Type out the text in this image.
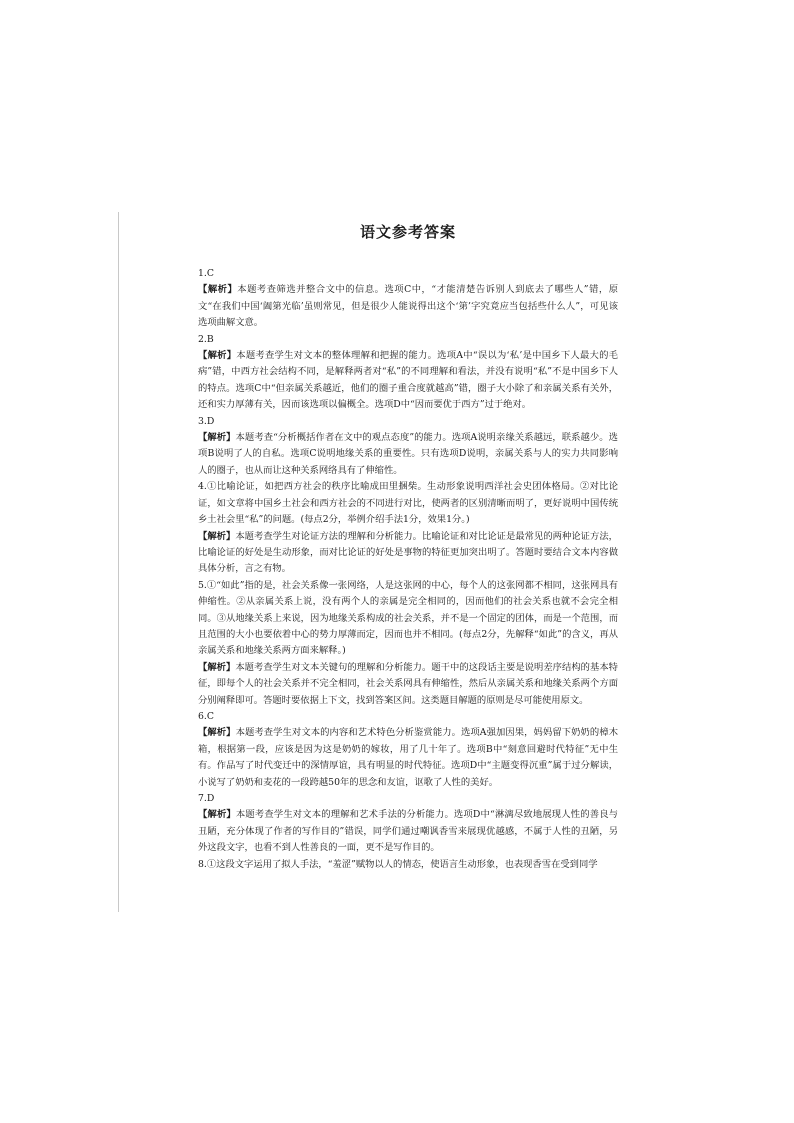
语文参考答案
1.C
【解析】本题考查筛选并整合文中的信息。选项C中，“才能清楚告诉别人到底去了哪些人”错，原文“在我们中国‘阖第光临’虽则常见，但是很少人能说得出这个‘第’字究竟应当包括些什么人”，可见该选项曲解文意。
2.B
【解析】本题考查学生对文本的整体理解和把握的能力。选项A中“误以为‘私’是中国乡下人最大的毛病”错，中西方社会结构不同，是解释两者对“私”的不同理解和看法，并没有说明“私”不是中国乡下人的特点。选项C中“但亲属关系越近，他们的圈子重合度就越高”错，圈子大小除了和亲属关系有关外，还和实力厚薄有关，因而该选项以偏概全。选项D中“因而要优于西方”过于绝对。
3.D
【解析】本题考查“分析概括作者在文中的观点态度”的能力。选项A说明亲缘关系越远，联系越少。选项B说明了人的自私。选项C说明地缘关系的重要性。只有选项D说明，亲属关系与人的实力共同影响人的圈子，也从而让这种关系网络具有了伸缩性。
4.①比喻论证，如把西方社会的秩序比喻成田里捆柴。生动形象说明西洋社会史团体格局。②对比论证，如文章将中国乡土社会和西方社会的不同进行对比，使两者的区别清晰而明了，更好说明中国传统乡土社会里“私”的问题。(每点2分，举例介绍手法1分，效果1分。)
【解析】本题考查学生对论证方法的理解和分析能力。比喻论证和对比论证是最常见的两种论证方法，比喻论证的好处是生动形象，而对比论证的好处是事物的特征更加突出明了。答题时要结合文本内容做具体分析，言之有物。
5.①“如此”指的是，社会关系像一张网络，人是这张网的中心，每个人的这张网都不相同，这张网具有伸缩性。②从亲属关系上说，没有两个人的亲属是完全相同的，因而他们的社会关系也就不会完全相同。③从地缘关系上来说，因为地缘关系构成的社会关系，并不是一个固定的团体，而是一个范围，而且范围的大小也要依着中心的势力厚薄而定，因而也并不相同。(每点2分，先解释“如此”的含义，再从亲属关系和地缘关系两方面来解释。)
【解析】本题考查学生对文本关键句的理解和分析能力。题干中的这段话主要是说明差序结构的基本特征，即每个人的社会关系并不完全相同，社会关系网具有伸缩性，然后从亲属关系和地缘关系两个方面分别阐释即可。答题时要依据上下文，找到答案区间。这类题目解题的原则是尽可能使用原文。
6.C
【解析】本题考查学生对文本的内容和艺术特色分析鉴赏能力。选项A强加因果，妈妈留下奶奶的樟木箱，根据第一段，应该是因为这是奶奶的嫁妆，用了几十年了。选项B中“刻意回避时代特征”无中生有。作品写了时代变迁中的深情厚谊，具有明显的时代特征。选项D中“主题变得沉重”属于过分解读，小说写了奶奶和麦花的一段跨越50年的思念和友谊，讴歌了人性的美好。
7.D
【解析】本题考查学生对文本的理解和艺术手法的分析能力。选项D中“淋漓尽致地展现人性的善良与丑陋，充分体现了作者的写作目的”错误，同学们通过嘲讽香雪来展现优越感，不属于人性的丑陋，另外这段文字，也看不到人性善良的一面，更不是写作目的。
8.①这段文字运用了拟人手法，“羞涩”赋物以人的情态，使语言生动形象，也表现香雪在受到同学
